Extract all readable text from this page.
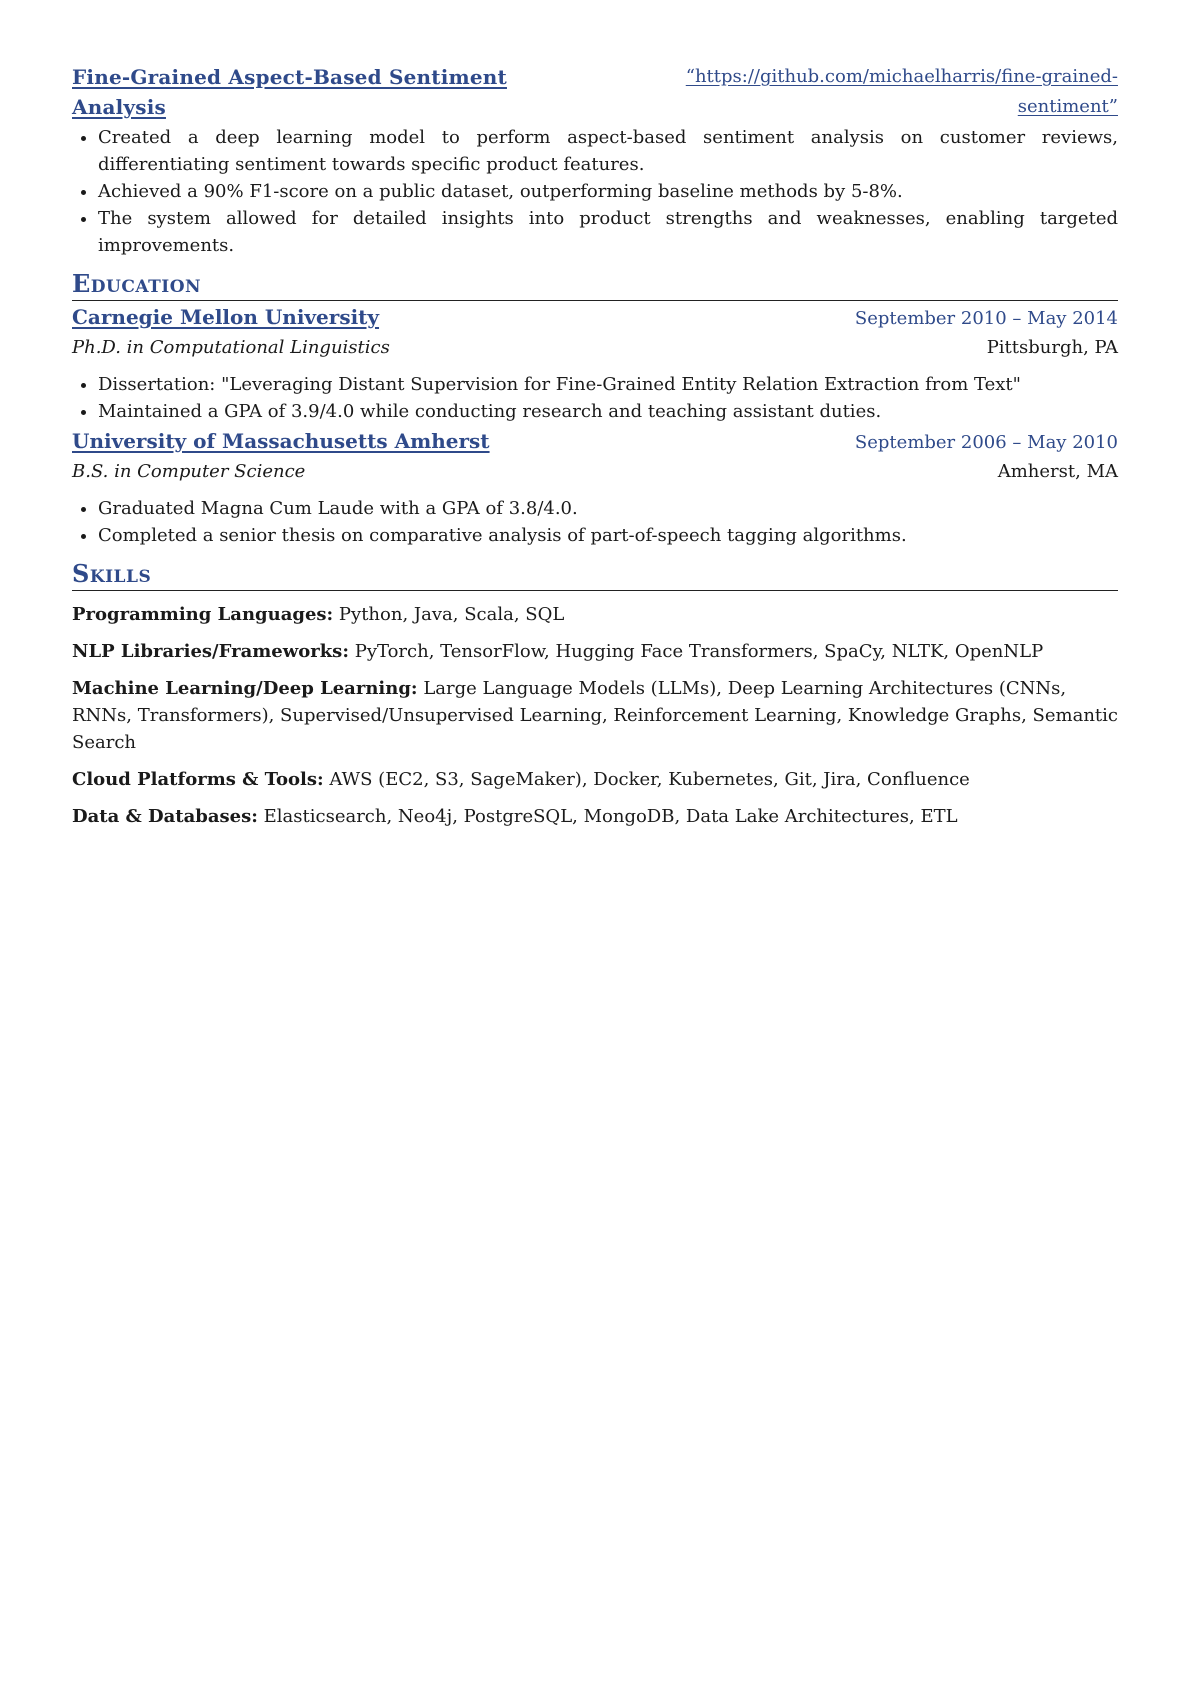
Fine-Grained Aspect-Based Sentiment Analysis
“https://github.com/michaelharris/fine-grained-sentiment”
• Created a deep learning model to perform aspect-based sentiment analysis on customer reviews, differentiating sentiment towards specific product features.
• Achieved a 90% F1-score on a public dataset, outperforming baseline methods by 5-8%.
• The system allowed for detailed insights into product strengths and weaknesses, enabling targeted improvements.
Education
Carnegie Mellon University	September 2010 – May 2014
Ph.D. in Computational Linguistics	Pittsburgh, PA
• Dissertation: "Leveraging Distant Supervision for Fine-Grained Entity Relation Extraction from Text"
• Maintained a GPA of 3.9/4.0 while conducting research and teaching assistant duties.
University of Massachusetts Amherst	September 2006 – May 2010
B.S. in Computer Science	Amherst, MA
• Graduated Magna Cum Laude with a GPA of 3.8/4.0.
• Completed a senior thesis on comparative analysis of part-of-speech tagging algorithms.
Skills
Programming Languages: Python, Java, Scala, SQL
NLP Libraries/Frameworks: PyTorch, TensorFlow, Hugging Face Transformers, SpaCy, NLTK, OpenNLP
Machine Learning/Deep Learning: Large Language Models (LLMs), Deep Learning Architectures (CNNs, RNNs, Transformers), Supervised/Unsupervised Learning, Reinforcement Learning, Knowledge Graphs, Semantic Search
Cloud Platforms & Tools: AWS (EC2, S3, SageMaker), Docker, Kubernetes, Git, Jira, Confluence
Data & Databases: Elasticsearch, Neo4j, PostgreSQL, MongoDB, Data Lake Architectures, ETL
